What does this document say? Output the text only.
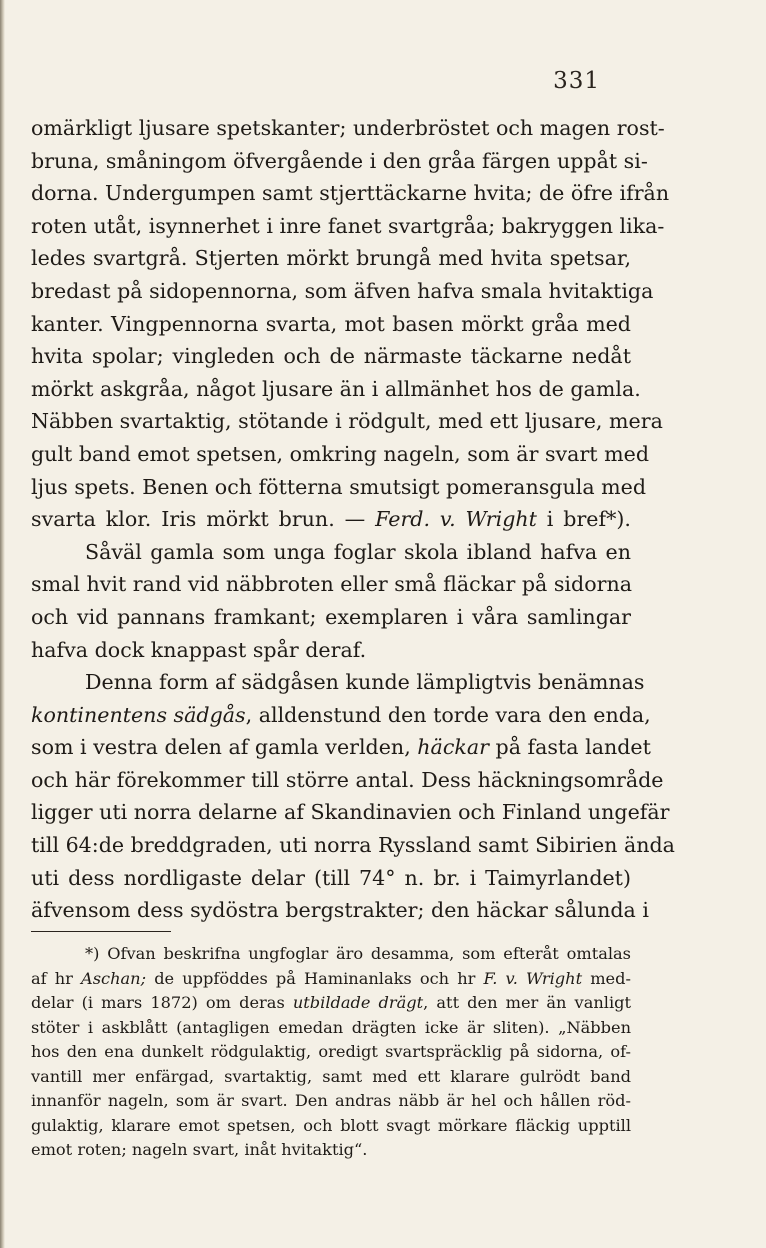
331
omärkligt ljusare spetskanter; underbröstet och magen rost-
bruna, småningom öfvergående i den gråa färgen uppåt si-
dorna. Undergumpen samt stjerttäckarne hvita; de öfre ifrån
roten utåt, isynnerhet i inre fanet svartgråa; bakryggen lika-
ledes svartgrå. Stjerten mörkt brungå med hvita spetsar,
bredast på sidopennorna, som äfven hafva smala hvitaktiga
kanter. Vingpennorna svarta, mot basen mörkt gråa med
hvita spolar; vingleden och de närmaste täckarne nedåt
mörkt askgråa, något ljusare än i allmänhet hos de gamla.
Näbben svartaktig, stötande i rödgult, med ett ljusare, mera
gult band emot spetsen, omkring nageln, som är svart med
ljus spets. Benen och fötterna smutsigt pomeransgula med
svarta klor. Iris mörkt brun. — Ferd. v. Wright i bref*).
Såväl gamla som unga foglar skola ibland hafva en
smal hvit rand vid näbbroten eller små fläckar på sidorna
och vid pannans framkant; exemplaren i våra samlingar
hafva dock knappast spår deraf.
Denna form af sädgåsen kunde lämpligtvis benämnas
kontinentens sädgås, alldenstund den torde vara den enda,
som i vestra delen af gamla verlden, häckar på fasta landet
och här förekommer till större antal. Dess häckningsområde
ligger uti norra delarne af Skandinavien och Finland ungefär
till 64:de breddgraden, uti norra Ryssland samt Sibirien ända
uti dess nordligaste delar (till 74° n. br. i Taimyrlandet)
äfvensom dess sydöstra bergstrakter; den häckar sålunda i
*) Ofvan beskrifna ungfoglar äro desamma, som efteråt omtalas
af hr Aschan; de uppföddes på Haminanlaks och hr F. v. Wright med-
delar (i mars 1872) om deras utbildade drägt, att den mer än vanligt
stöter i askblått (antagligen emedan drägten icke är sliten). „Näbben
hos den ena dunkelt rödgulaktig, oredigt svartspräcklig på sidorna, of-
vantill mer enfärgad, svartaktig, samt med ett klarare gulrödt band
innanför nageln, som är svart. Den andras näbb är hel och hållen röd-
gulaktig, klarare emot spetsen, och blott svagt mörkare fläckig upptill
emot roten; nageln svart, inåt hvitaktig“.
